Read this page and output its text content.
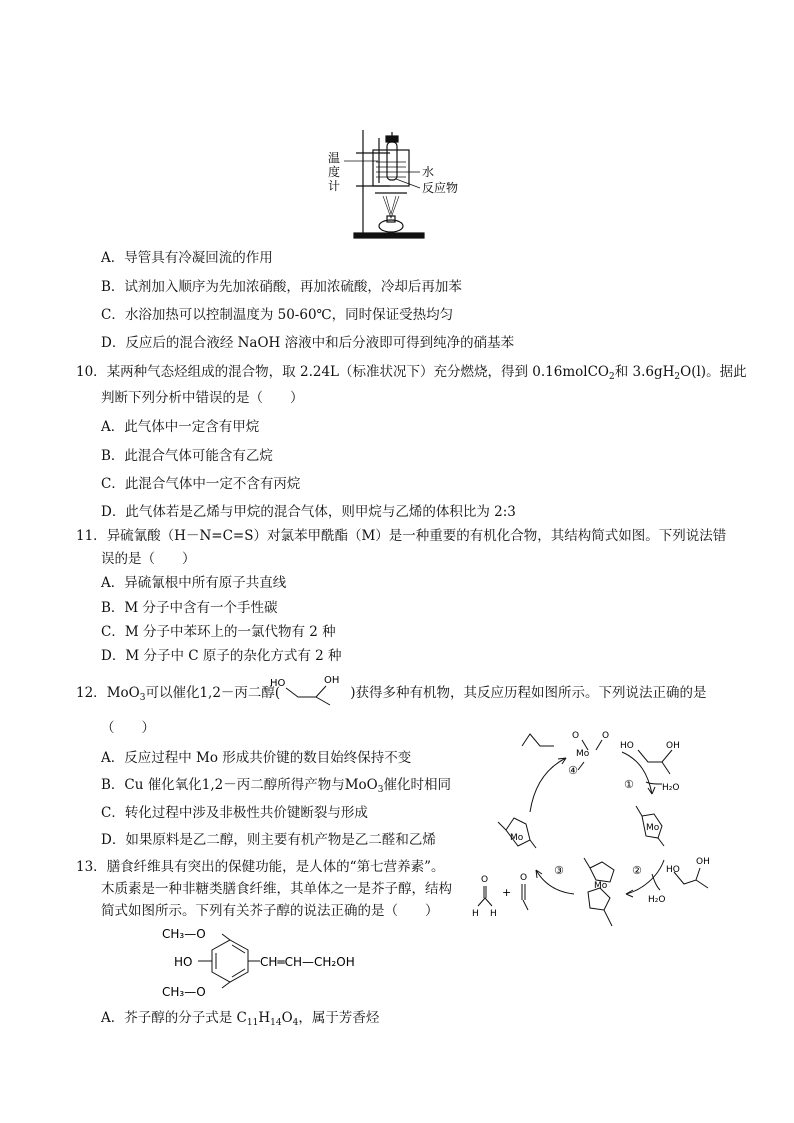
温
度
计
水
反应物
A．导管具有冷凝回流的作用
B．试剂加入顺序为先加浓硝酸，再加浓硫酸，冷却后再加苯
C．水浴加热可以控制温度为 50-60℃，同时保证受热均匀
D．反应后的混合液经 NaOH 溶液中和后分液即可得到纯净的硝基苯
10．某两种气态烃组成的混合物，取 2.24L（标准状况下）充分燃烧，得到 0.16molCO$_2$和 $3.6gH_2O(l)$。据此
判断下列分析中错误的是（　　）
A．此气体中一定含有甲烷
B．此混合气体可能含有乙烷
C．此混合气体中一定不含有丙烷
D．此气体若是乙烯与甲烷的混合气体，则甲烷与乙烯的体积比为 2:3
11．异硫氰酸（H－N=C=S）对氯苯甲酰酯（M）是一种重要的有机化合物，其结构简式如图。下列说法错
误的是（　　）
A．异硫氰根中所有原子共直线
B．M 分子中含有一个手性碳
C．M 分子中苯环上的一氯代物有 2 种
D．M 分子中 C 原子的杂化方式有 2 种
12．MoO$_3$可以催化1,2－丙二醇(	)获得多种有机物，其反应历程如图所示。下列说法正确的是
HO	OH
（　　）
A．反应过程中 Mo 形成共价键的数目始终保持不变
B．Cu 催化氧化1,2－丙二醇所得产物与MoO$_3$催化时相同
C．转化过程中涉及非极性共价键断裂与形成
D．如果原料是乙二醇，则主要有机产物是乙二醛和乙烯
④
①
②
③
Mo
O	O
HO	OH
H₂O
Mo
Mo
Mo
HO
OH
H₂O
O
H H
+
O
13．膳食纤维具有突出的保健功能，是人体的“第七营养素”。
木质素是一种非糖类膳食纤维，其单体之一是芥子醇，结构
简式如图所示。下列有关芥子醇的说法正确的是（　　）
CH₃—O
HO	CH═CH—CH₂OH
CH₃—O
A．芥子醇的分子式是 $C_{11}H_{14}O_4$，属于芳香烃
